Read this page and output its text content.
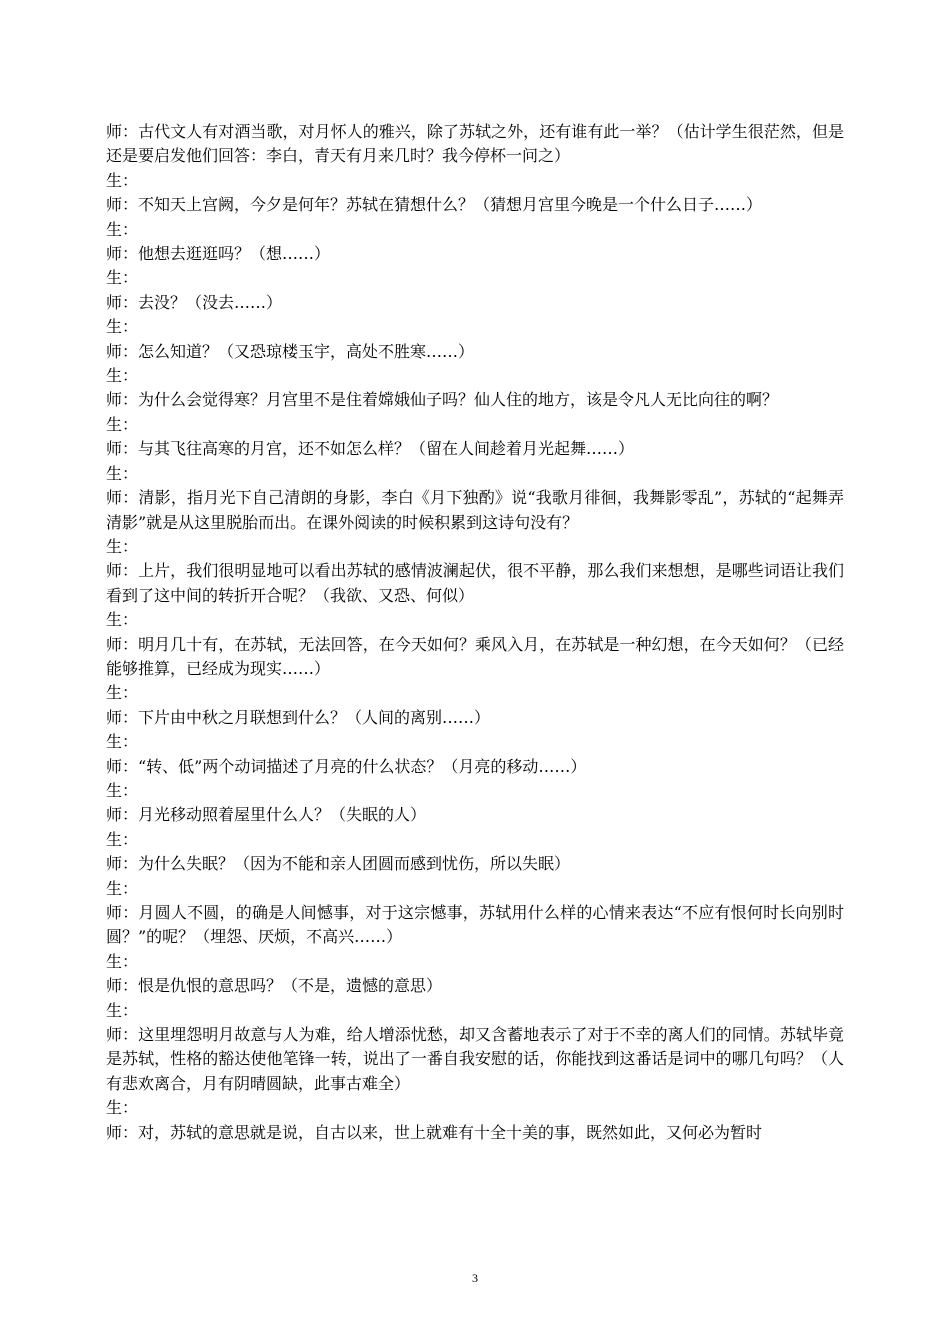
师：古代文人有对酒当歌，对月怀人的雅兴，除了苏轼之外，还有谁有此一举？（估计学生很茫然，但是还是要启发他们回答：李白，青天有月来几时？我今停杯一问之）

生：

师：不知天上宫阙，今夕是何年？苏轼在猜想什么？（猜想月宫里今晚是一个什么日子……）

生：

师：他想去逛逛吗？（想……）

生：

师：去没？（没去……）

生：

师：怎么知道？（又恐琼楼玉宇，高处不胜寒……）

生：

师：为什么会觉得寒？月宫里不是住着嫦娥仙子吗？仙人住的地方，该是令凡人无比向往的啊？

生：

师：与其飞往高寒的月宫，还不如怎么样？（留在人间趁着月光起舞……）

生：

师：清影，指月光下自己清朗的身影，李白《月下独酌》说“我歌月徘徊，我舞影零乱”，苏轼的“起舞弄清影”就是从这里脱胎而出。在课外阅读的时候积累到这诗句没有？

生：

师：上片，我们很明显地可以看出苏轼的感情波澜起伏，很不平静，那么我们来想想，是哪些词语让我们看到了这中间的转折开合呢？（我欲、又恐、何似）

生：

师：明月几十有，在苏轼，无法回答，在今天如何？乘风入月，在苏轼是一种幻想，在今天如何？（已经能够推算，已经成为现实……）

生：

师：下片由中秋之月联想到什么？（人间的离别……）

生：

师：“转、低”两个动词描述了月亮的什么状态？（月亮的移动……）

生：

师：月光移动照着屋里什么人？（失眠的人）

生：

师：为什么失眠？（因为不能和亲人团圆而感到忧伤，所以失眠）

生：

师：月圆人不圆，的确是人间憾事，对于这宗憾事，苏轼用什么样的心情来表达“不应有恨何时长向别时圆？”的呢？（埋怨、厌烦，不高兴……）

生：

师：恨是仇恨的意思吗？（不是，遗憾的意思）

生：

师：这里埋怨明月故意与人为难，给人增添忧愁，却又含蓄地表示了对于不幸的离人们的同情。苏轼毕竟是苏轼，性格的豁达使他笔锋一转，说出了一番自我安慰的话，你能找到这番话是词中的哪几句吗？（人有悲欢离合，月有阴晴圆缺，此事古难全）

生：

师：对，苏轼的意思就是说，自古以来，世上就难有十全十美的事，既然如此，又何必为暂时

3
